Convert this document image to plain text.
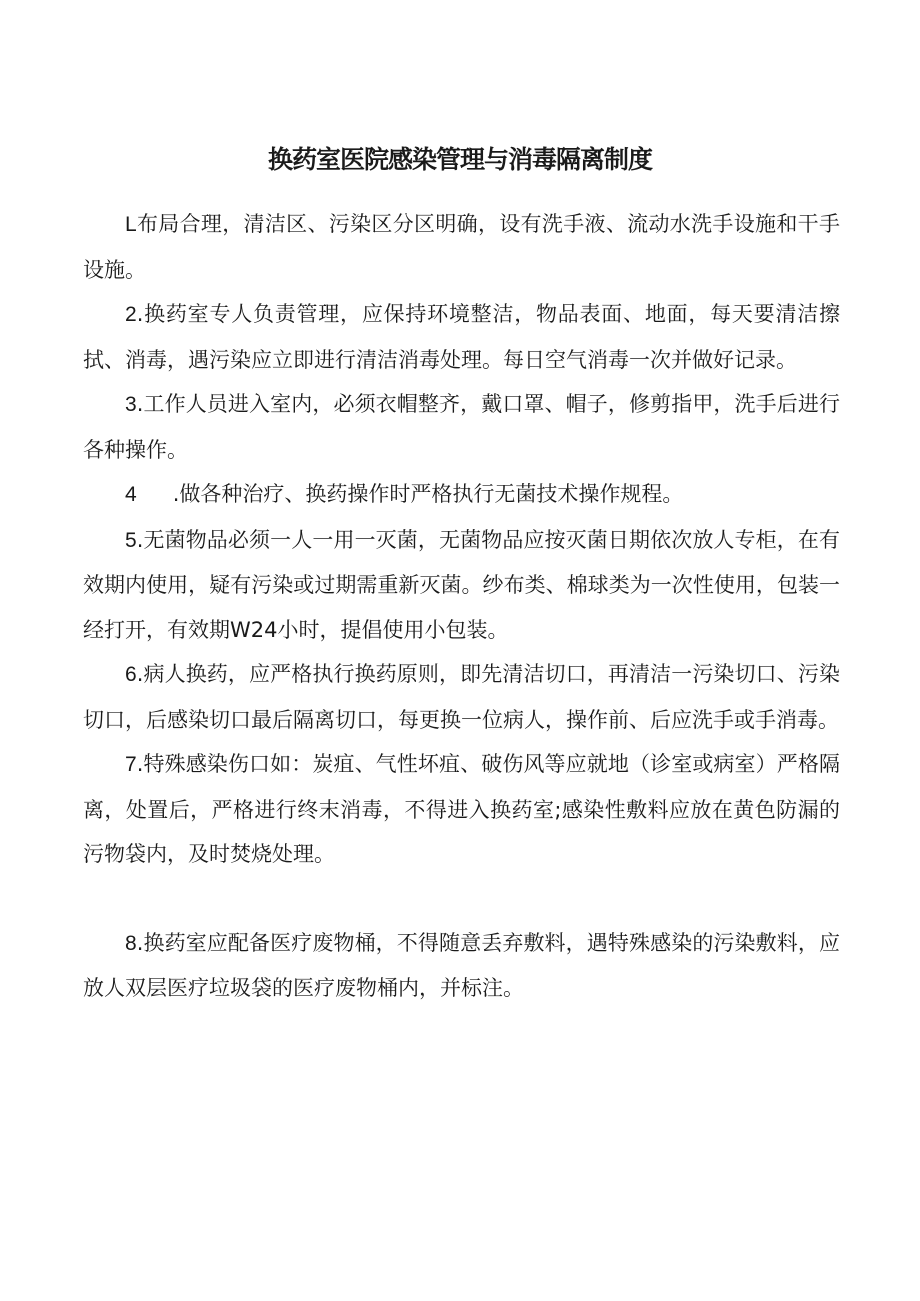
换药室医院感染管理与消毒隔离制度

L布局合理，清洁区、污染区分区明确，设有洗手液、流动水洗手设施和干手设施。

2.换药室专人负责管理，应保持环境整洁，物品表面、地面，每天要清洁擦拭、消毒，遇污染应立即进行清洁消毒处理。每日空气消毒一次并做好记录。

3.工作人员进入室内，必须衣帽整齐，戴口罩、帽子，修剪指甲，洗手后进行各种操作。

4 .做各种治疗、换药操作时严格执行无菌技术操作规程。

5.无菌物品必须一人一用一灭菌，无菌物品应按灭菌日期依次放人专柜，在有效期内使用，疑有污染或过期需重新灭菌。纱布类、棉球类为一次性使用，包装一经打开，有效期W24小时，提倡使用小包装。

6.病人换药，应严格执行换药原则，即先清洁切口，再清洁一污染切口、污染切口，后感染切口最后隔离切口，每更换一位病人，操作前、后应洗手或手消毒。

7.特殊感染伤口如：炭疽、气性坏疽、破伤风等应就地（诊室或病室）严格隔离，处置后，严格进行终末消毒，不得进入换药室;感染性敷料应放在黄色防漏的污物袋内，及时焚烧处理。

8.换药室应配备医疗废物桶，不得随意丢弃敷料，遇特殊感染的污染敷料，应放人双层医疗垃圾袋的医疗废物桶内，并标注。
